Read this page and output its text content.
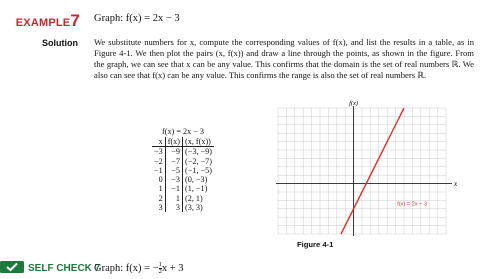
EXAMPLE7 Graph: f(x) = 2x − 3
Solution We substitute numbers for x, compute the corresponding values of f(x), and list the results in a table, as in Figure 4-1. We then plot the pairs (x, f(x)) and draw a line through the points, as shown in the figure. From the graph, we can see that x can be any value. This confirms that the domain is the set of real numbers ℝ. We also can see that f(x) can be any value. This confirms the range is also the set of real numbers ℝ.

f(x) = 2x − 3
x	f(x)	(x, f(x))
−3	−9	(−3, −9)
−2	−7	(−2, −7)
−1	−5	(−1, −5)
0	−3	(0, −3)
1	−1	(1, −1)
2	1	(2, 1)
3	3	(3, 3)
f(x)
x
f(x) = 2x − 3
Figure 4-1
SELF CHECK 7
Graph: f(x) = − $\frac{1}{2}$ x + 3
